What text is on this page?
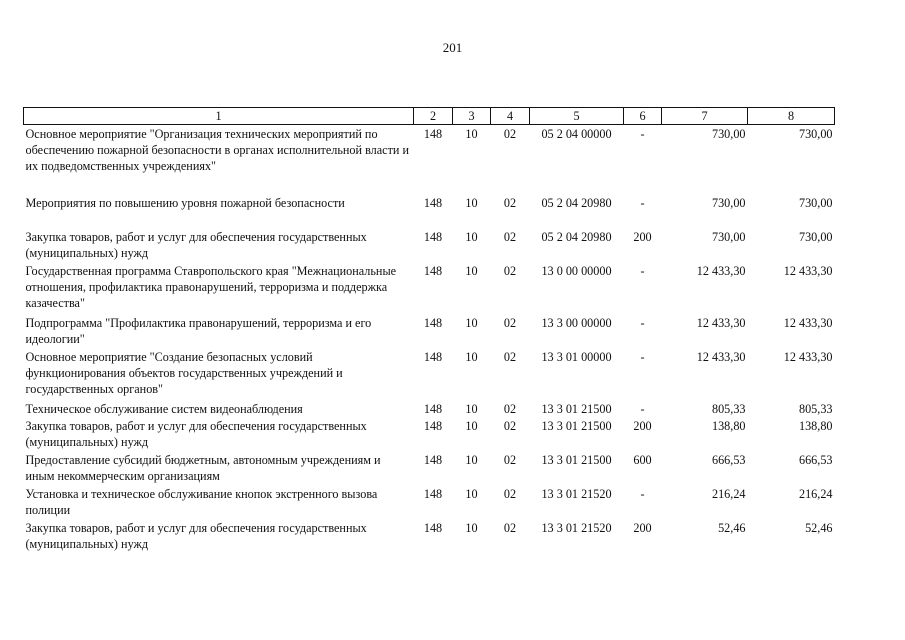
201
1	2	3	4	5	6	7	8
Основное мероприятие "Организация технических мероприятий по обеспечению пожарной безопасности в органах исполнительной власти и их подведомственных учреждениях"	148	10	02	05 2 04 00000	-	730,00	730,00
Мероприятия по повышению уровня пожарной безопасности	148	10	02	05 2 04 20980	-	730,00	730,00
Закупка товаров, работ и услуг для обеспечения государственных (муниципальных) нужд	148	10	02	05 2 04 20980	200	730,00	730,00
Государственная программа Ставропольского края "Межнациональные отношения, профилактика правонарушений, терроризма и поддержка казачества"	148	10	02	13 0 00 00000	-	12 433,30	12 433,30
Подпрограмма "Профилактика правонарушений, терроризма и его идеологии"	148	10	02	13 3 00 00000	-	12 433,30	12 433,30
Основное мероприятие "Создание безопасных условий функционирования объектов государственных учреждений и государственных органов"	148	10	02	13 3 01 00000	-	12 433,30	12 433,30
Техническое обслуживание систем видеонаблюдения	148	10	02	13 3 01 21500	-	805,33	805,33
Закупка товаров, работ и услуг для обеспечения государственных (муниципальных) нужд	148	10	02	13 3 01 21500	200	138,80	138,80
Предоставление субсидий бюджетным, автономным учреждениям и иным некоммерческим организациям	148	10	02	13 3 01 21500	600	666,53	666,53
Установка и техническое обслуживание кнопок экстренного вызова полиции	148	10	02	13 3 01 21520	-	216,24	216,24
Закупка товаров, работ и услуг для обеспечения государственных (муниципальных) нужд	148	10	02	13 3 01 21520	200	52,46	52,46
